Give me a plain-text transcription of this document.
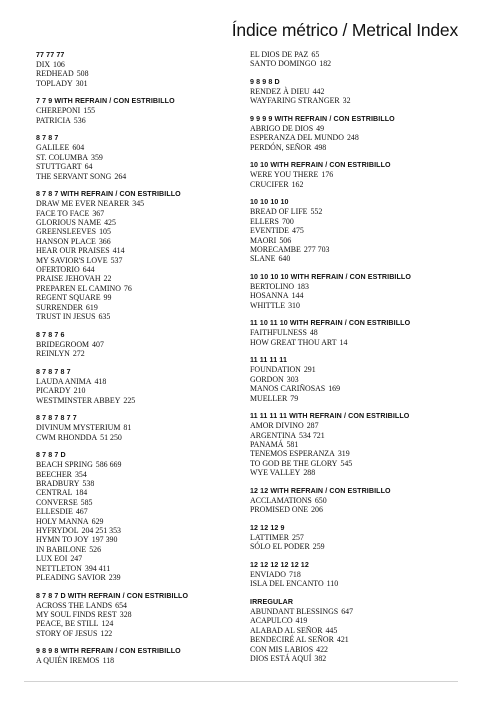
Índice métrico / Metrical Index
77 77 77
DIX 106
REDHEAD 508
TOPLADY 301
7 7 9 WITH REFRAIN / CON ESTRIBILLO
CHEREPONI 155
PATRICIA 536
8 7 8 7
GALILEE 604
ST. COLUMBA 359
STUTTGART 64
THE SERVANT SONG 264
8 7 8 7 WITH REFRAIN / CON ESTRIBILLO
DRAW ME EVER NEARER 345
FACE TO FACE 367
GLORIOUS NAME 425
GREENSLEEVES 105
HANSON PLACE 366
HEAR OUR PRAISES 414
MY SAVIOR'S LOVE 537
OFERTORIO 644
PRAISE JEHOVAH 22
PREPAREN EL CAMINO 76
REGENT SQUARE 99
SURRENDER 619
TRUST IN JESUS 635
8 7 8 7 6
BRIDEGROOM 407
REINLYN 272
8 7 8 7 8 7
LAUDA ANIMA 418
PICARDY 210
WESTMINSTER ABBEY 225
8 7 8 7 8 7 7
DIVINUM MYSTERIUM 81
CWM RHONDDA 51 250
8 7 8 7 D
BEACH SPRING 586 669
BEECHER 354
BRADBURY 538
CENTRAL 184
CONVERSE 585
ELLESDIE 467
HOLY MANNA 629
HYFRYDOL 204 251 353
HYMN TO JOY 197 390
IN BABILONE 526
LUX EOI 247
NETTLETON 394 411
PLEADING SAVIOR 239
8 7 8 7 D WITH REFRAIN / CON ESTRIBILLO
ACROSS THE LANDS 654
MY SOUL FINDS REST 328
PEACE, BE STILL 124
STORY OF JESUS 122
9 8 9 8 WITH REFRAIN / CON ESTRIBILLO
A QUIÉN IREMOS 118
EL DIOS DE PAZ 65
SANTO DOMINGO 182
9 8 9 8 D
RENDEZ À DIEU 442
WAYFARING STRANGER 32
9 9 9 9 WITH REFRAIN / CON ESTRIBILLO
ABRIGO DE DIOS 49
ESPERANZA DEL MUNDO 248
PERDÓN, SEÑOR 498
10 10 WITH REFRAIN / CON ESTRIBILLO
WERE YOU THERE 176
CRUCIFER 162
10 10 10 10
BREAD OF LIFE 552
ELLERS 700
EVENTIDE 475
MAORI 506
MORECAMBE 277 703
SLANE 640
10 10 10 10 WITH REFRAIN / CON ESTRIBILLO
BERTOLINO 183
HOSANNA 144
WHITTLE 310
11 10 11 10 WITH REFRAIN / CON ESTRIBILLO
FAITHFULNESS 48
HOW GREAT THOU ART 14
11 11 11 11
FOUNDATION 291
GORDON 303
MANOS CARIÑOSAS 169
MUELLER 79
11 11 11 11 WITH REFRAIN / CON ESTRIBILLO
AMOR DIVINO 287
ARGENTINA 534 721
PANAMÁ 581
TENEMOS ESPERANZA 319
TO GOD BE THE GLORY 545
WYE VALLEY 288
12 12 WITH REFRAIN / CON ESTRIBILLO
ACCLAMATIONS 650
PROMISED ONE 206
12 12 12 9
LATTIMER 257
SÓLO EL PODER 259
12 12 12 12 12 12
ENVIADO 718
ISLA DEL ENCANTO 110
IRREGULAR
ABUNDANT BLESSINGS 647
ACAPULCO 419
ALABAD AL SEÑOR 445
BENDECIRÉ AL SEÑOR 421
CON MIS LABIOS 422
DIOS ESTÁ AQUÍ 382
